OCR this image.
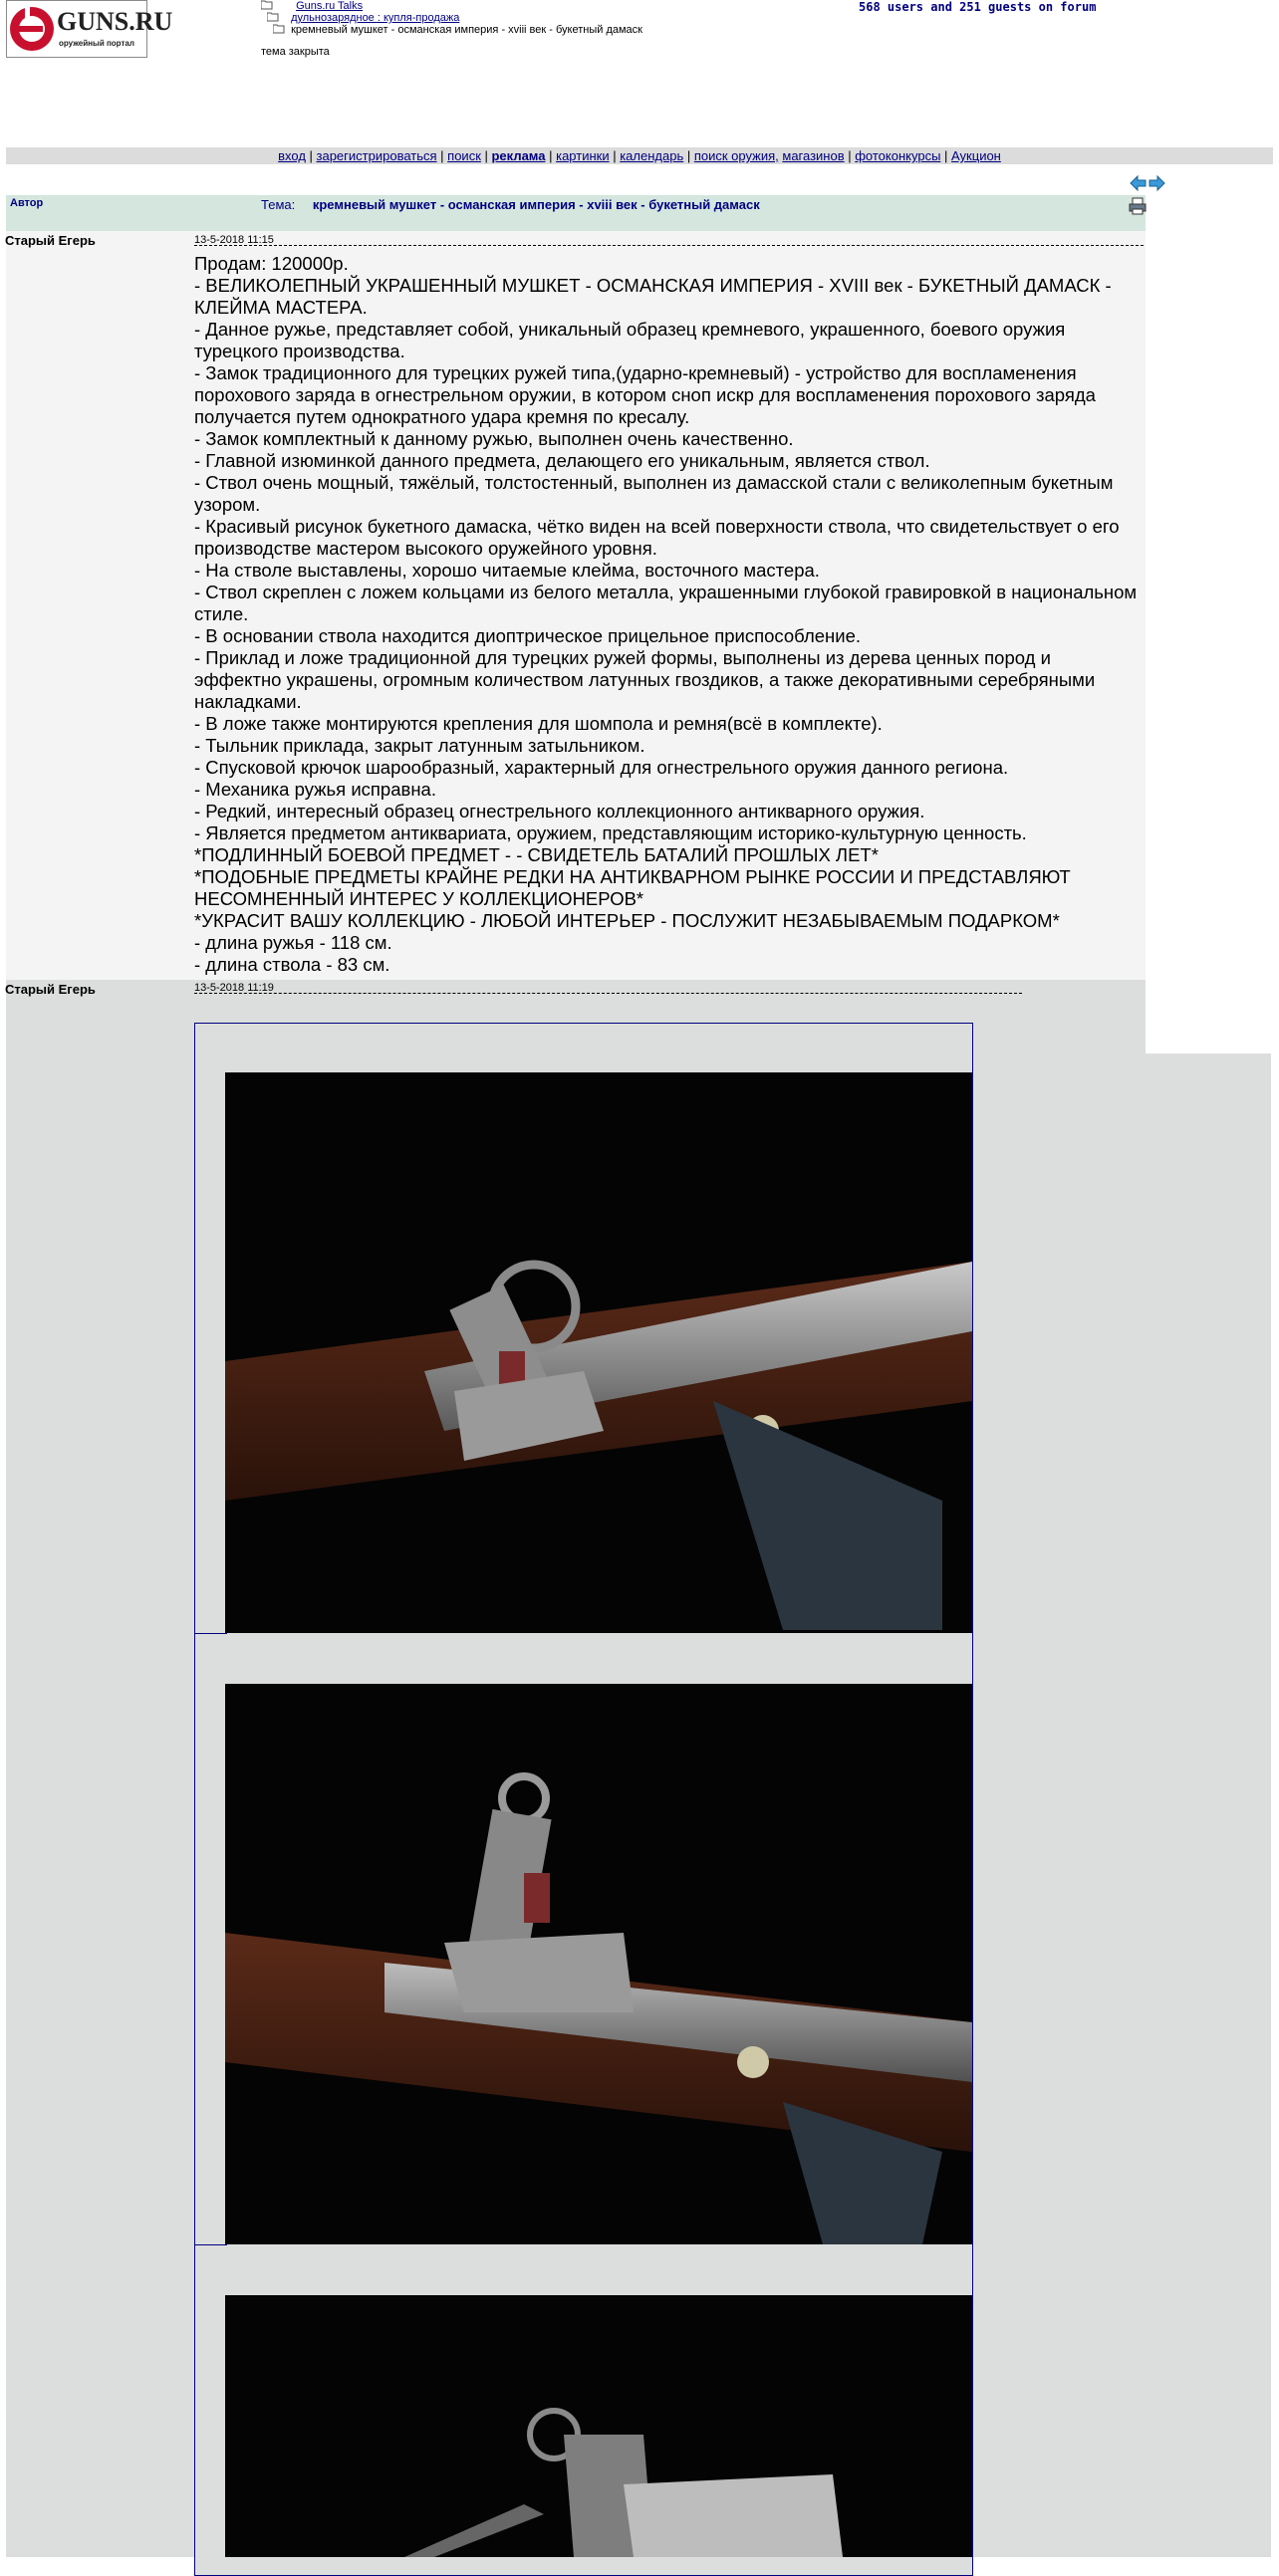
GUNS.RU
оружейный портал
Guns.ru Talks
дульнозарядное : купля-продажа
кремневый мушкет - османская империя - xviii век - букетный дамаск
568 users and 251 guests on forum
тема закрыта
вход | зарегистрироваться | поиск | реклама | картинки | календарь | поиск оружия, магазинов | фотоконкурсы | Аукцион
Автор	Тема: кремневый мушкет - османская империя - xviii век - букетный дамаск
Старый Егерь	13-5-2018 11:15

Продам: 120000р.

- ВЕЛИКОЛЕПНЫЙ УКРАШЕННЫЙ МУШКЕТ - ОСМАНСКАЯ ИМПЕРИЯ - XVIII век - БУКЕТНЫЙ ДАМАСК - КЛЕЙМА МАСТЕРА.

- Данное ружье, представляет собой, уникальный образец кремневого, украшенного, боевого оружия турецкого производства.

- Замок традиционного для турецких ружей типа,(ударно-кремневый) - устройство для воспламенения порохового заряда в огнестрельном оружии, в котором сноп искр для воспламенения порохового заряда получается путем однократного удара кремня по кресалу.

- Замок комплектный к данному ружью, выполнен очень качественно.

- Главной изюминкой данного предмета, делающего его уникальным, является ствол.

- Ствол очень мощный, тяжёлый, толстостенный, выполнен из дамасской стали с великолепным букетным узором.

- Красивый рисунок букетного дамаска, чётко виден на всей поверхности ствола, что свидетельствует о его производстве мастером высокого оружейного уровня.

- На стволе выставлены, хорошо читаемые клейма, восточного мастера.

- Ствол скреплен с ложем кольцами из белого металла, украшенными глубокой гравировкой в национальном стиле.

- В основании ствола находится диоптрическое прицельное приспособление.

- Приклад и ложе традиционной для турецких ружей формы, выполнены из дерева ценных пород и эффектно украшены, огромным количеством латунных гвоздиков, а также декоративными серебряными накладками.

- В ложе также монтируются крепления для шомпола и ремня(всё в комплекте).

- Тыльник приклада, закрыт латунным затыльником.

- Спусковой крючок шарообразный, характерный для огнестрельного оружия данного региона.

- Механика ружья исправна.

- Редкий, интересный образец огнестрельного коллекционного антикварного оружия.

- Является предметом антиквариата, оружием, представляющим историко-культурную ценность.

*ПОДЛИННЫЙ БОЕВОЙ ПРЕДМЕТ - - СВИДЕТЕЛЬ БАТАЛИЙ ПРОШЛЫХ ЛЕТ*

*ПОДОБНЫЕ ПРЕДМЕТЫ КРАЙНЕ РЕДКИ НА АНТИКВАРНОМ РЫНКЕ РОССИИ И ПРЕДСТАВЛЯЮТ НЕСОМНЕННЫЙ ИНТЕРЕС У КОЛЛЕКЦИОНЕРОВ*

*УКРАСИТ ВАШУ КОЛЛЕКЦИЮ - ЛЮБОЙ ИНТЕРЬЕР - ПОСЛУЖИТ НЕЗАБЫВАЕМЫМ ПОДАРКОМ*

- длина ружья - 118 см.

- длина ствола - 83 см.

Старый Егерь	13-5-2018 11:19
